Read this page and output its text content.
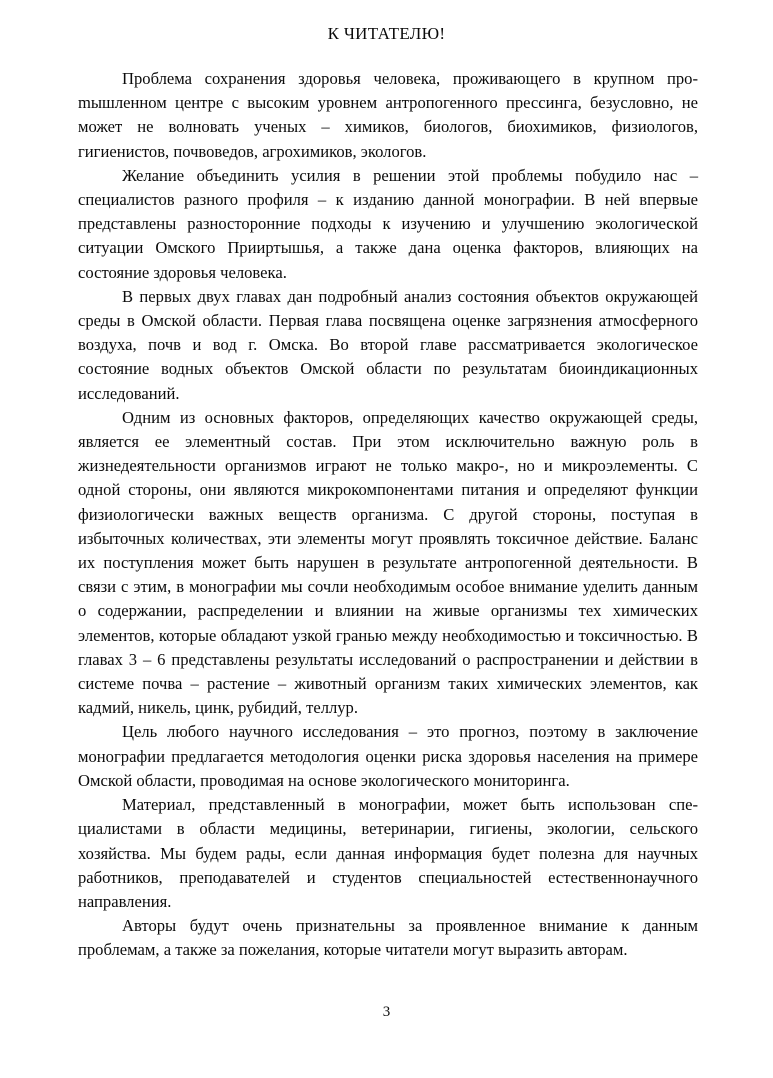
К ЧИТАТЕЛЮ!

Проблема сохранения здоровья человека, проживающего в крупном проmышленном центре с высоким уровнем антропогенного прессинга, безусловно, не может не волновать ученых – химиков, биологов, биохимиков, физиологов, гигиенистов, почвоведов, агрохимиков, экологов.

Желание объединить усилия в решении этой проблемы побудило нас – специалистов разного профиля – к изданию данной монографии. В ней впервые представлены разносторонние подходы к изучению и улучшению экологической ситуации Омского Прииртышья, а также дана оценка факторов, влияющих на состояние здоровья человека.

В первых двух главах дан подробный анализ состояния объектов окружающей среды в Омской области. Первая глава посвящена оценке загрязнения атмосферного воздуха, почв и вод г. Омска. Во второй главе рассматривается экологическое состояние водных объектов Омской области по результатам биоиндикационных исследований.

Одним из основных факторов, определяющих качество окружающей среды, является ее элементный состав. При этом исключительно важную роль в жизнедеятельности организмов играют не только макро-, но и микроэлементы. С одной стороны, они являются микрокомпонентами питания и определяют функции физиологически важных веществ организма. С другой стороны, поступая в избыточных количествах, эти элементы могут проявлять токсичное действие. Баланс их поступления может быть нарушен в результате антропогенной деятельности. В связи с этим, в монографии мы сочли необходимым особое внимание уделить данным о содержании, распределении и влиянии на живые организмы тех химических элементов, которые обладают узкой гранью между необходимостью и токсичностью. В главах 3 – 6 представлены результаты исследований о распространении и действии в системе почва – растение – животный организм таких химических элементов, как кадмий, никель, цинк, рубидий, теллур.

Цель любого научного исследования – это прогноз, поэтому в заключение монографии предлагается методология оценки риска здоровья населения на примере Омской области, проводимая на основе экологического мониторинга.

Материал, представленный в монографии, может быть использован специалистами в области медицины, ветеринарии, гигиены, экологии, сельского хозяйства. Мы будем рады, если данная информация будет полезна для научных работников, преподавателей и студентов специальностей естественнонаучного направления.

Авторы будут очень признательны за проявленное внимание к данным проблемам, а также за пожелания, которые читатели могут выразить авторам.

3
